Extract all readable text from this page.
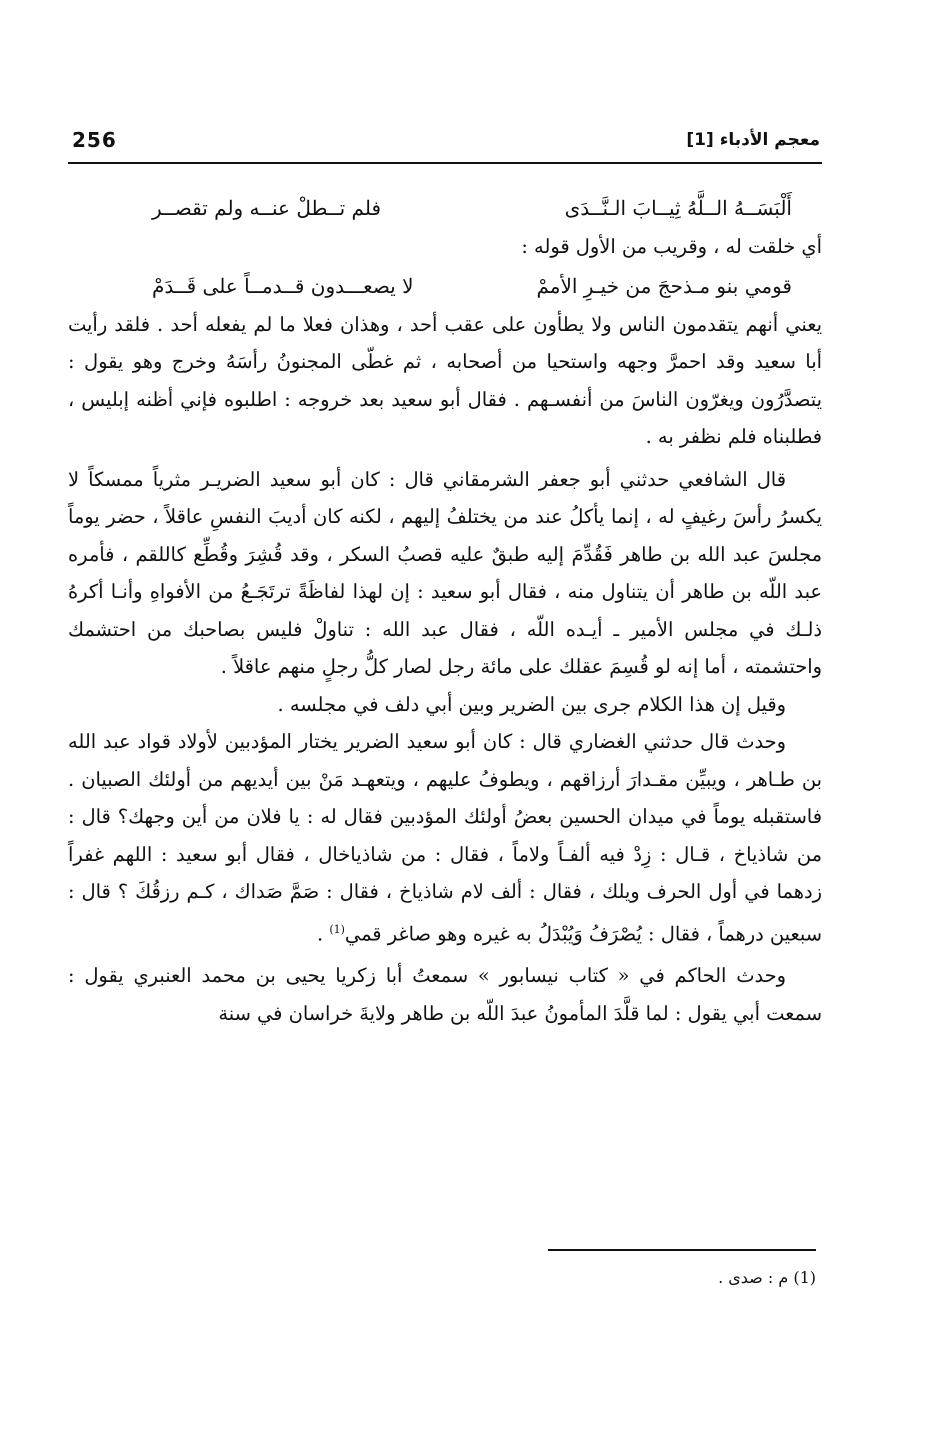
256	معجم الأدباء [1]
أَلْبَسَــهُ الــلَّهُ ثِيــابَ الـنَّــدَى
فلم تــطلْ عنــه ولم تقصــر

أي خلقت له ، وقريب من الأول قوله :

قومي بنو مـذحجَ من خيـرِ الأممْ
لا يصعـــدون قــدمــاً على قَــدَمْ

يعني أنهم يتقدمون الناس ولا يطأون على عقب أحد ، وهذان فعلا ما لم يفعله أحد . فلقد رأيت أبا سعيد وقد احمرَّ وجهه واستحيا من أصحابه ، ثم غطّى المجنونُ رأسَهُ وخرج وهو يقول : يتصدَّرُون ويغرّون الناسَ من أنفسـهم . فقال أبو سعيد بعد خروجه : اطلبوه فإني أظنه إبليس ، فطلبناه فلم نظفر به .

قال الشافعي حدثني أبو جعفر الشرمقاني قال : كان أبو سعيد الضريـر مثرياً ممسكاً لا يكسرُ رأسَ رغيفٍ له ، إنما يأكلُ عند من يختلفُ إليهم ، لكنه كان أديبَ النفسِ عاقلاً ، حضر يوماً مجلسَ عبد الله بن طاهر فَقُدِّمَ إليه طبقٌ عليه قصبُ السكر ، وقد قُشِرَ وقُطِّع كاللقم ، فأمره عبد اللّه بن طاهر أن يتناول منه ، فقال أبو سعيد : إن لهذا لفاظَةً ترتَجَـعُ من الأفواهِ وأنـا أكرهُ ذلـك في مجلس الأمير ـ أيـده اللّه ، فقال عبد الله : تناولْ فليس بصاحبك من احتشمك واحتشمته ، أما إنه لو قُسِمَ عقلك على مائة رجل لصار كلُّ رجلٍ منهم عاقلاً .

وقيل إن هذا الكلام جرى بين الضرير وبين أبي دلف في مجلسه .

وحدث قال حدثني الغضاري قال : كان أبو سعيد الضرير يختار المؤدبين لأولاد قواد عبد الله بن طـاهر ، ويبيِّن مقـدارَ أرزاقهم ، ويطوفُ عليهم ، ويتعهـد مَنْ بين أيديهم من أولئك الصبيان . فاستقبله يوماً في ميدان الحسين بعضُ أولئك المؤدبين فقال له : يا فلان من أين وجهك؟ قال : من شاذياخ ، قـال : زِدْ فيه ألفـاً ولاماً ، فقال : من شاذياخال ، فقال أبو سعيد : اللهم غفراً زدهما في أول الحرف ويلك ، فقال : ألف لام شاذياخ ، فقال : صَمَّ صَداك ، كـم رزقُكَ ؟ قال : سبعين درهماً ، فقال : يُصْرَفُ وَيُبْدَلُ به غيره وهو صاغر قمي$^{(1)}$ .

وحدث الحاكم في « كتاب نيسابور » سمعتُ أبا زكريا يحيى بن محمد العنبري يقول : سمعت أبي يقول : لما قلَّدَ المأمونُ عبدَ اللّه بن طاهر ولايةَ خراسان في سنة

(1) م : صدى .
